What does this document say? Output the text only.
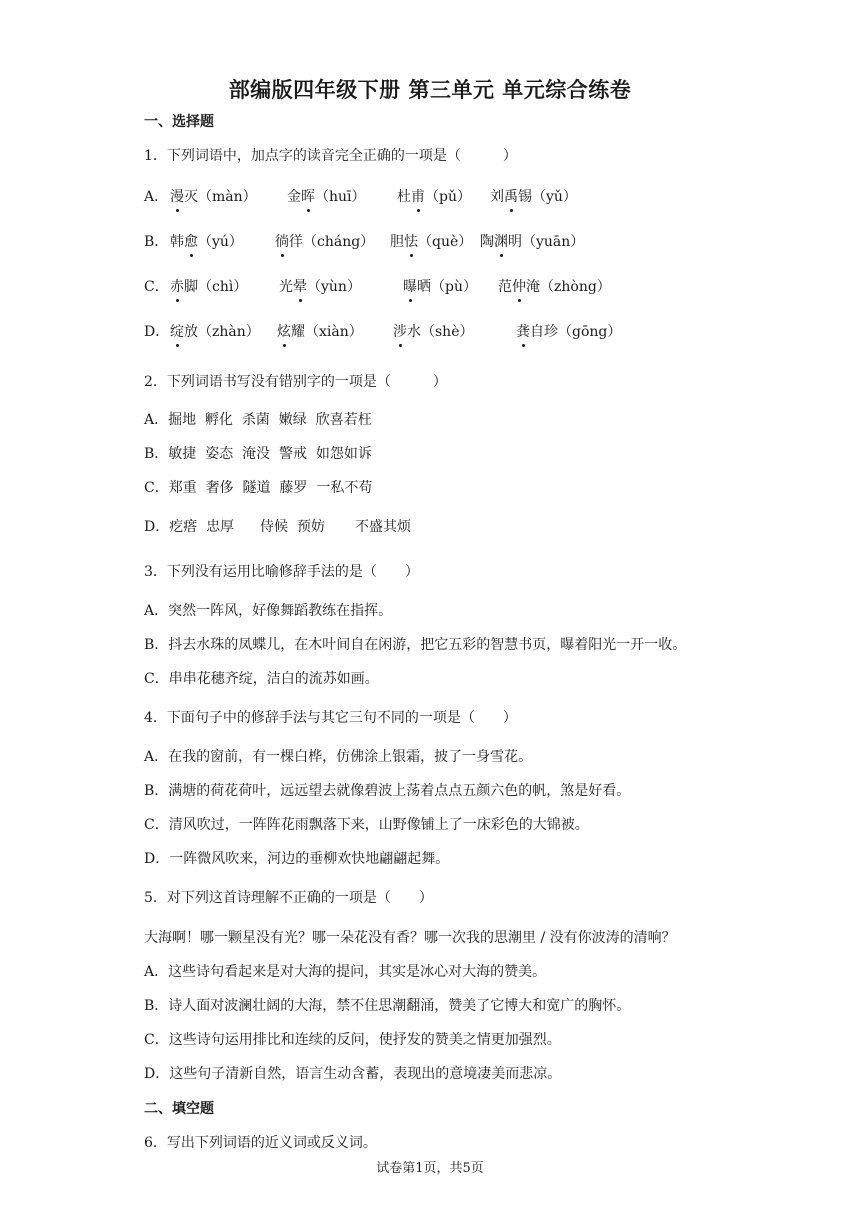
部编版四年级下册 第三单元 单元综合练卷
一、选择题
1．下列词语中，加点字的读音完全正确的一项是（　　　）
A． 漫灭（màn） 金晖（huī） 杜甫（pǔ） 刘禹锡（yǔ）
B． 韩愈（yú） 徜徉（cháng） 胆怯（què） 陶渊明（yuān）
C． 赤脚（chì） 光晕（yùn）	曝晒（pù） 范仲淹（zhòng）
D． 绽放（zhàn） 炫耀（xiàn） 涉水（shè）	龚自珍（gōng）
2．下列词语书写没有错别字的一项是（　　　）
A．掘地  孵化  杀菌  嫩绿  欣喜若枉
B．敏捷  姿态  淹没  警戒  如怨如诉
C．郑重  奢侈  隧道  藤罗  一私不苟
D．疙瘩  忠厚 侍候  预妨 不盛其烦
3．下列没有运用比喻修辞手法的是（　　）
A．突然一阵风，好像舞蹈教练在指挥。
B．抖去水珠的凤蝶儿，在木叶间自在闲游，把它五彩的智慧书页，曝着阳光一开一收。
C．串串花穗齐绽，洁白的流苏如画。
4．下面句子中的修辞手法与其它三句不同的一项是（　　）
A．在我的窗前，有一棵白桦，仿佛涂上银霜，披了一身雪花。
B．满塘的荷花荷叶，远远望去就像碧波上荡着点点五颜六色的帆，煞是好看。
C．清风吹过，一阵阵花雨飘落下来，山野像铺上了一床彩色的大锦被。
D．一阵微风吹来，河边的垂柳欢快地翩翩起舞。
5．对下列这首诗理解不正确的一项是（　　）
大海啊！哪一颗星没有光？哪一朵花没有香？哪一次我的思潮里 / 没有你波涛的清响？
A．这些诗句看起来是对大海的提问，其实是冰心对大海的赞美。
B．诗人面对波澜壮阔的大海，禁不住思潮翻涌，赞美了它博大和宽广的胸怀。
C．这些诗句运用排比和连续的反问，使抒发的赞美之情更加强烈。
D．这些句子清新自然，语言生动含蓄，表现出的意境凄美而悲凉。
二、填空题
6．写出下列词语的近义词或反义词。
试卷第1页，共5页
